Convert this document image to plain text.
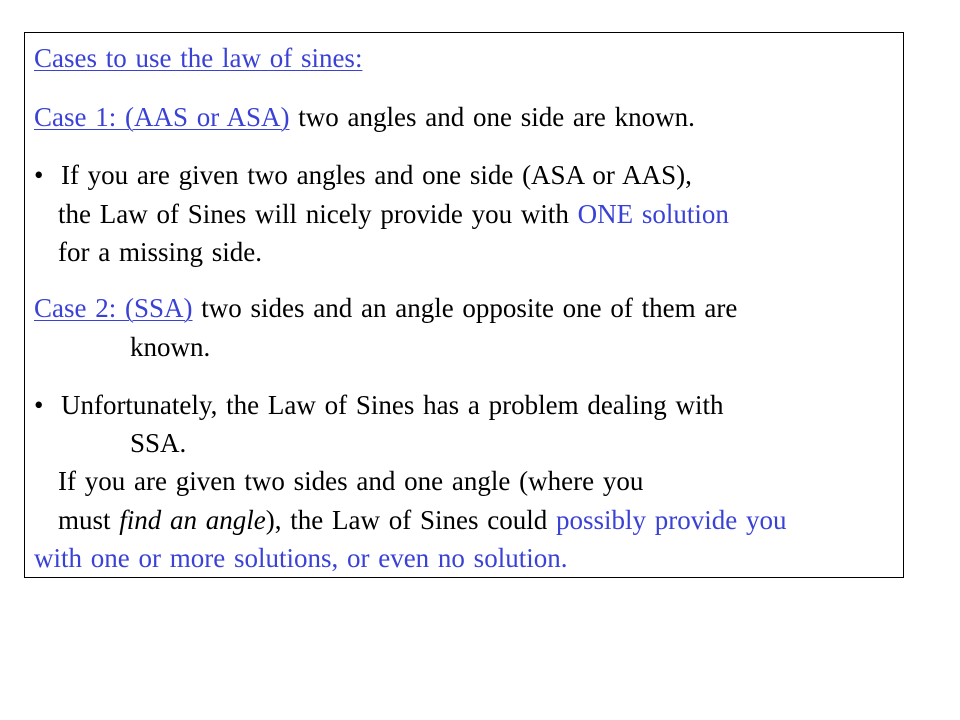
Cases to use the law of sines:
Case 1: (AAS or ASA) two angles and one side are known.
• If you are given two angles and one side (ASA or AAS),
the Law of Sines will nicely provide you with ONE solution
for a missing side.
Case 2: (SSA) two sides and an angle opposite one of them are
known.
• Unfortunately, the Law of Sines has a problem dealing with
SSA.
If you are given two sides and one angle (where you
must find an angle), the Law of Sines could possibly provide you
with one or more solutions, or even no solution.
